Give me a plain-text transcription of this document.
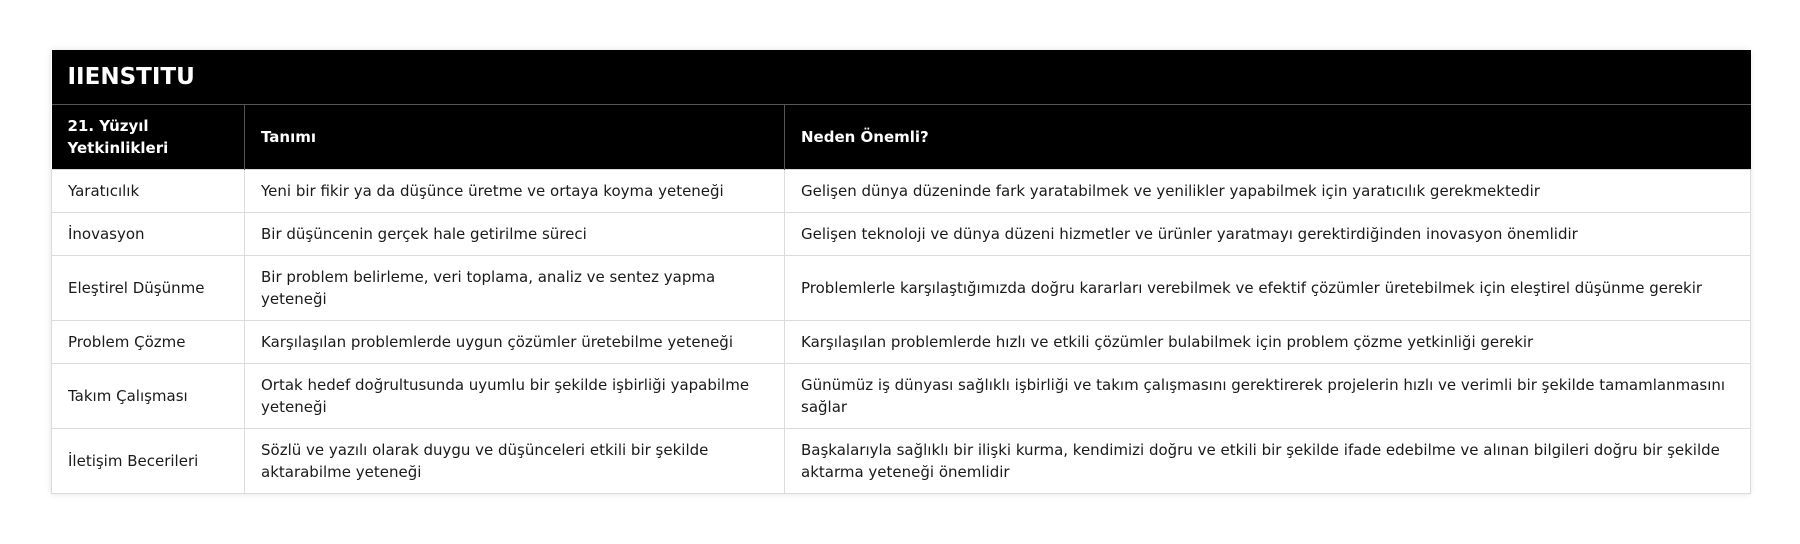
IIENSTITU		
21. Yüzyıl Yetkinlikleri	Tanımı	Neden Önemli?
Yaratıcılık	Yeni bir fikir ya da düşünce üretme ve ortaya koyma yeteneği	Gelişen dünya düzeninde fark yaratabilmek ve yenilikler yapabilmek için yaratıcılık gerekmektedir
İnovasyon	Bir düşüncenin gerçek hale getirilme süreci	Gelişen teknoloji ve dünya düzeni hizmetler ve ürünler yaratmayı gerektirdiğinden inovasyon önemlidir
Eleştirel Düşünme	Bir problem belirleme, veri toplama, analiz ve sentez yapma yeteneği	Problemlerle karşılaştığımızda doğru kararları verebilmek ve efektif çözümler üretebilmek için eleştirel düşünme gerekir
Problem Çözme	Karşılaşılan problemlerde uygun çözümler üretebilme yeteneği	Karşılaşılan problemlerde hızlı ve etkili çözümler bulabilmek için problem çözme yetkinliği gerekir
Takım Çalışması	Ortak hedef doğrultusunda uyumlu bir şekilde işbirliği yapabilme yeteneği	Günümüz iş dünyası sağlıklı işbirliği ve takım çalışmasını gerektirerek projelerin hızlı ve verimli bir şekilde tamamlanmasını sağlar
İletişim Becerileri	Sözlü ve yazılı olarak duygu ve düşünceleri etkili bir şekilde aktarabilme yeteneği	Başkalarıyla sağlıklı bir ilişki kurma, kendimizi doğru ve etkili bir şekilde ifade edebilme ve alınan bilgileri doğru bir şekilde aktarma yeteneği önemlidir
